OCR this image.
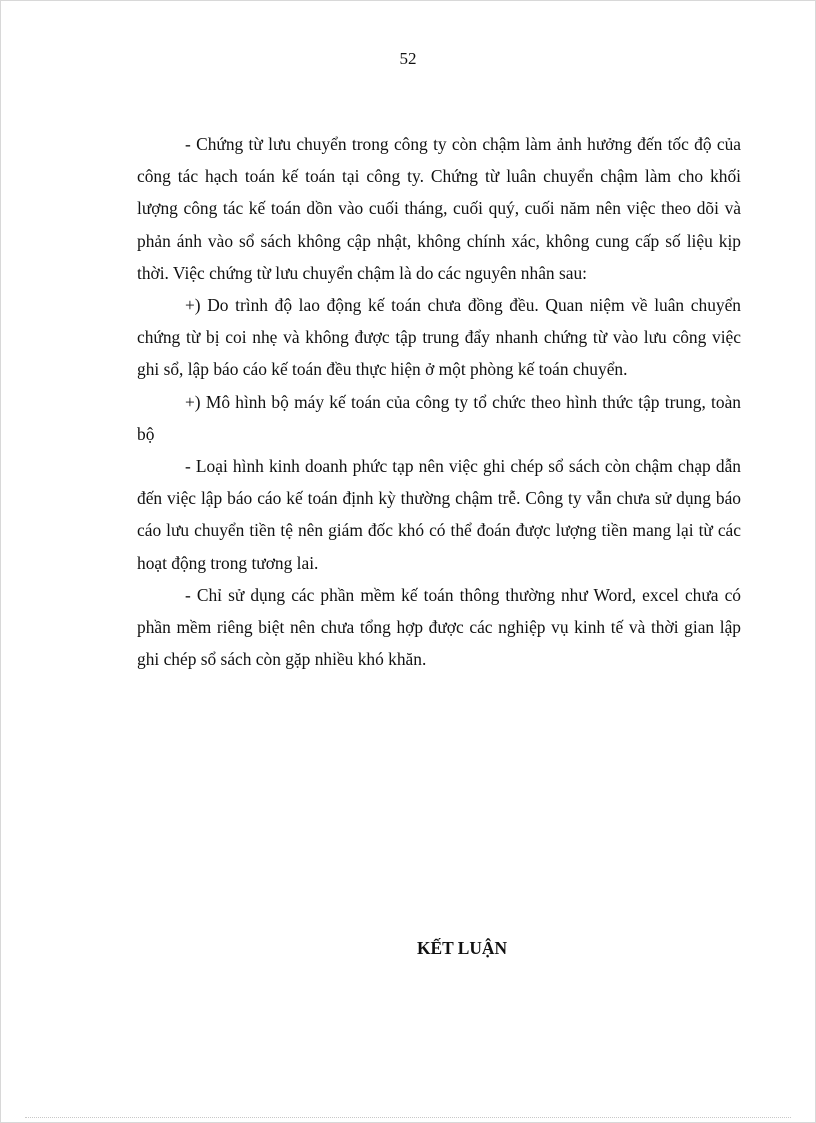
52

- Chứng từ lưu chuyển trong công ty còn chậm làm ảnh hưởng đến tốc độ của công tác hạch toán kế toán tại công ty. Chứng từ luân chuyển chậm làm cho khối lượng công tác kế toán dồn vào cuối tháng, cuối quý, cuối năm nên việc theo dõi và phản ánh vào sổ sách không cập nhật, không chính xác, không cung cấp số liệu kịp thời. Việc chứng từ lưu chuyển chậm là do các nguyên nhân sau:

+) Do trình độ lao động kế toán chưa đồng đều. Quan niệm về luân chuyển chứng từ bị coi nhẹ và không được tập trung đẩy nhanh chứng từ vào lưu công việc ghi sổ, lập báo cáo kế toán đều thực hiện ở một phòng kế toán chuyển.

+) Mô hình bộ máy kế toán của công ty tổ chức theo hình thức tập trung, toàn bộ

- Loại hình kinh doanh phức tạp nên việc ghi chép sổ sách còn chậm chạp dẫn đến việc lập báo cáo kế toán định kỳ thường chậm trễ. Công ty vẫn chưa sử dụng báo cáo lưu chuyển tiền tệ nên giám đốc khó có thể đoán được lượng tiền mang lại từ các hoạt động trong tương lai.

- Chỉ sử dụng các phần mềm kế toán thông thường như Word, excel chưa có phần mềm riêng biệt nên chưa tổng hợp được các nghiệp vụ kinh tế và thời gian lập ghi chép sổ sách còn gặp nhiều khó khăn.

KẾT LUẬN
